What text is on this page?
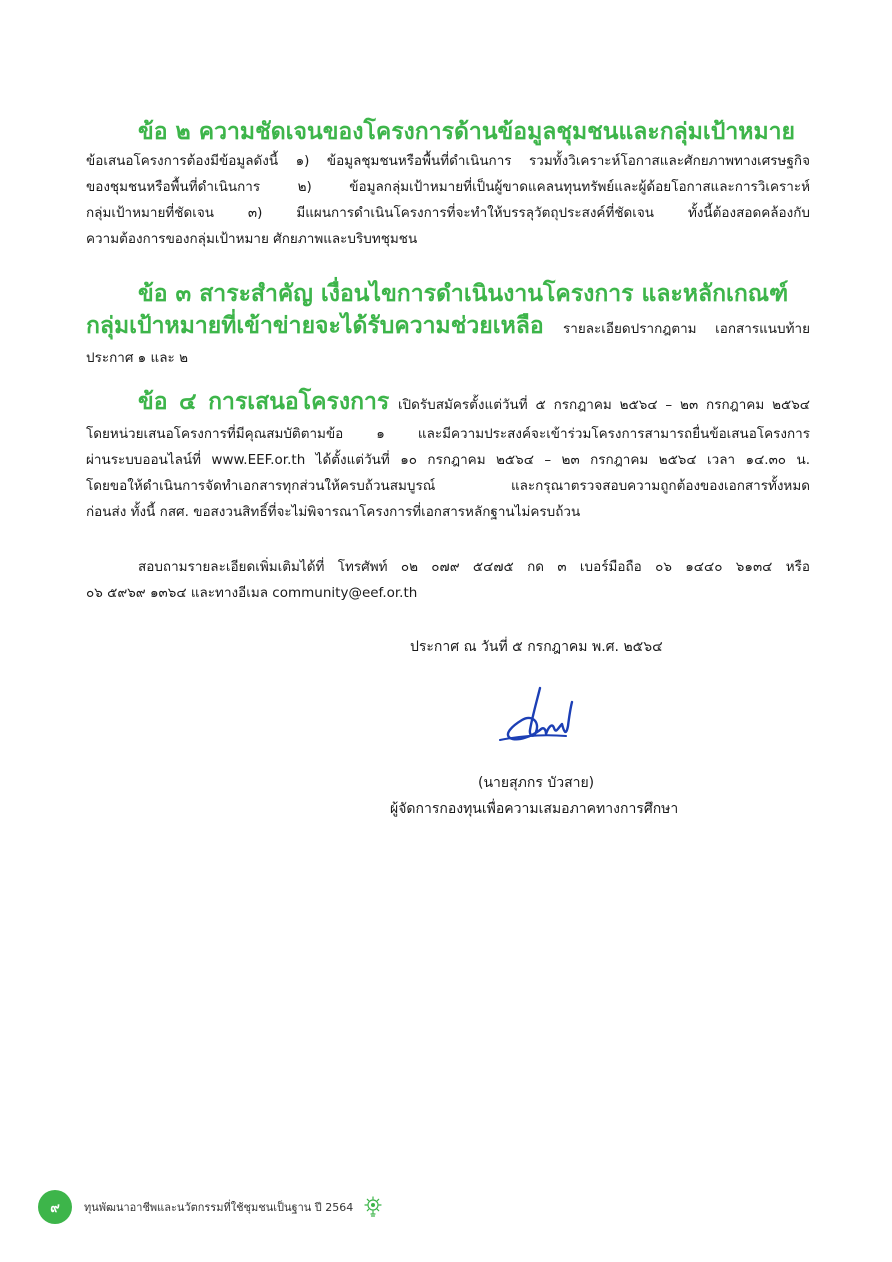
ข้อ ๒ ความชัดเจนของโครงการด้านข้อมูลชุมชนและกลุ่มเป้าหมาย
ข้อเสนอโครงการต้องมีข้อมูลดังนี้ ๑) ข้อมูลชุมชนหรือพื้นที่ดำเนินการ รวมทั้งวิเคราะห์โอกาสและศักยภาพทางเศรษฐกิจ
ของชุมชนหรือพื้นที่ดำเนินการ ๒) ข้อมูลกลุ่มเป้าหมายที่เป็นผู้ขาดแคลนทุนทรัพย์และผู้ด้อยโอกาสและการวิเคราะห์
กลุ่มเป้าหมายที่ชัดเจน ๓) มีแผนการดำเนินโครงการที่จะทำให้บรรลุวัตถุประสงค์ที่ชัดเจน ทั้งนี้ต้องสอดคล้องกับ
ความต้องการของกลุ่มเป้าหมาย ศักยภาพและบริบทชุมชน
ข้อ ๓ สาระสำคัญ เงื่อนไขการดำเนินงานโครงการ และหลักเกณฑ์
กลุ่มเป้าหมายที่เข้าข่ายจะได้รับความช่วยเหลือ รายละเอียดปรากฎตาม เอกสารแนบท้าย
ประกาศ ๑ และ ๒
ข้อ ๔ การเสนอโครงการ เปิดรับสมัครตั้งแต่วันที่ ๕ กรกฎาคม ๒๕๖๔ – ๒๓ กรกฎาคม ๒๕๖๔
โดยหน่วยเสนอโครงการที่มีคุณสมบัติตามข้อ ๑ และมีความประสงค์จะเข้าร่วมโครงการสามารถยื่นข้อเสนอโครงการ
ผ่านระบบออนไลน์ที่ www.EEF.or.th ได้ตั้งแต่วันที่ ๑๐ กรกฎาคม ๒๕๖๔ – ๒๓ กรกฎาคม ๒๕๖๔ เวลา ๑๔.๓๐ น.
โดยขอให้ดำเนินการจัดทำเอกสารทุกส่วนให้ครบถ้วนสมบูรณ์ และกรุณาตรวจสอบความถูกต้องของเอกสารทั้งหมด
ก่อนส่ง ทั้งนี้ กสศ. ขอสงวนสิทธิ์ที่จะไม่พิจารณาโครงการที่เอกสารหลักฐานไม่ครบถ้วน
สอบถามรายละเอียดเพิ่มเติมได้ที่ โทรศัพท์ ๐๒ ๐๗๙ ๕๔๗๕ กด ๓ เบอร์มือถือ ๐๖ ๑๔๔๐ ๖๑๓๔ หรือ
๐๖ ๕๙๖๙ ๑๓๖๔ และทางอีเมล community@eef.or.th
ประกาศ ณ วันที่ ๕ กรกฎาคม พ.ศ. ๒๕๖๔
(นายสุภกร บัวสาย)
ผู้จัดการกองทุนเพื่อความเสมอภาคทางการศึกษา
๙	ทุนพัฒนาอาชีพและนวัตกรรมที่ใช้ชุมชนเป็นฐาน ปี 2564
